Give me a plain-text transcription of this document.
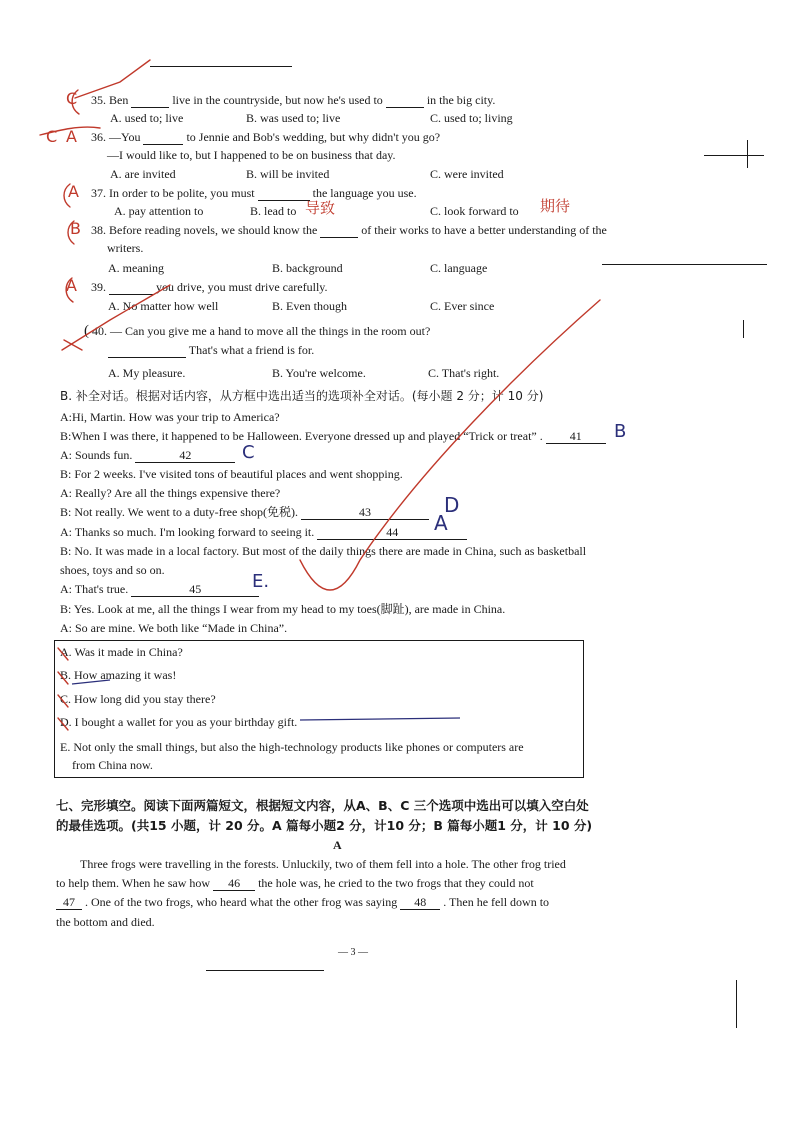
C 35. Ben	live in the countryside, but now he's used to	in the big city.
A. used to; live	B. was used to; live	C. used to; living
C A 36. —You	to Jennie and Bob's wedding, but why didn't you go?
—I would like to, but I happened to be on business that day.
A. are invited	B. will be invited	C. were invited
A 37. In order to be polite, you must	the language you use.
A. pay attention to	B. lead to 导致	C. look forward to 期待
B 38. Before reading novels, we should know the	of their works to have a better understanding of the
writers.
A. meaning	B. background	C. language
A 39.	you drive, you must drive carefully.
A. No matter how well	B. Even though	C. Ever since
( 40. — Can you give me a hand to move all the things in the room out?
That's what a friend is for.
A. My pleasure.	B. You're welcome.	C. That's right.
B. 补全对话。根据对话内容，从方框中选出适当的选项补全对话。(每小题 2 分；计 10 分)
A:Hi, Martin. How was your trip to America?
B:When I was there, it happened to be Halloween. Everyone dressed up and played “Trick or treat” . 41	B
A: Sounds fun.	42	C
B: For 2 weeks. I've visited tons of beautiful places and went shopping.
A: Really? Are all the things expensive there?
B: Not really. We went to a duty-free shop(免税).	43	D
A: Thanks so much. I'm looking forward to seeing it.	44	A
B: No. It was made in a local factory. But most of the daily things there are made in China, such as basketball
shoes, toys and so on.
A: That's true.	45	E.
B: Yes. Look at me, all the things I wear from my head to my toes(脚趾), are made in China.
A: So are mine. We both like “Made in China”.
A. Was it made in China?
B. How amazing it was!
C. How long did you stay there?
D. I bought a wallet for you as your birthday gift.
E. Not only the small things, but also the high-technology products like phones or computers are
from China now.
七、完形填空。阅读下面两篇短文，根据短文内容，从A、B、C 三个选项中选出可以填入空白处
的最佳选项。(共15 小题，计 20 分。A 篇每小题2 分，计10 分；B 篇每小题1 分，计 10 分)
A
Three frogs were travelling in the forests. Unluckily, two of them fell into a hole. The other frog tried
to help them. When he saw how 46 the hole was, he cried to the two frogs that they could not
47 . One of the two frogs, who heard what the other frog was saying 48 . Then he fell down to
the bottom and died.
— 3 —
